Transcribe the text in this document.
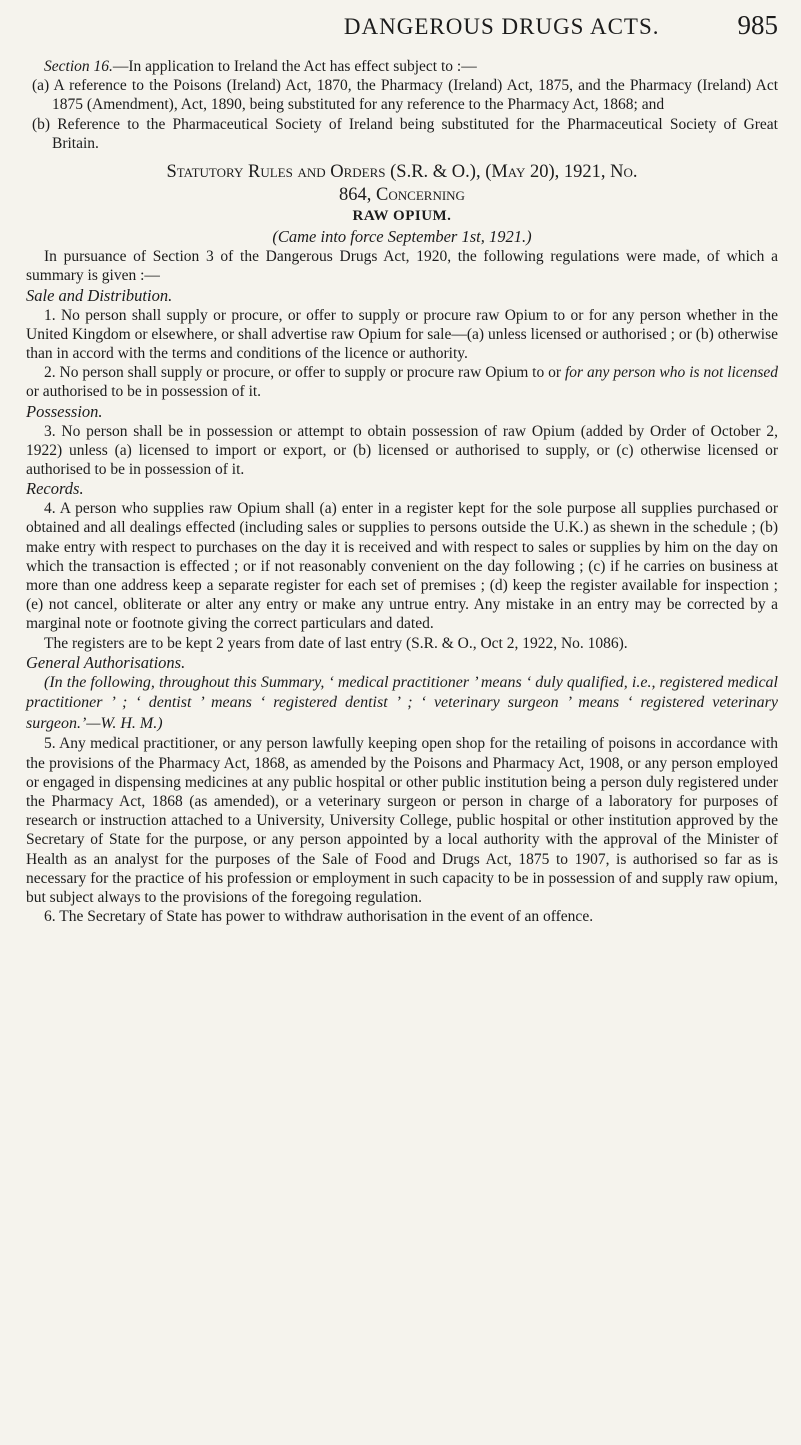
DANGEROUS DRUGS ACTS.	985

Section 16.—In application to Ireland the Act has effect subject to :—

(a) A reference to the Poisons (Ireland) Act, 1870, the Pharmacy (Ireland) Act, 1875, and the Pharmacy (Ireland) Act 1875 (Amendment), Act, 1890, being substituted for any reference to the Pharmacy Act, 1868; and

(b) Reference to the Pharmaceutical Society of Ireland being substituted for the Pharmaceutical Society of Great Britain.

Statutory Rules and Orders (S.R. & O.), (May 20), 1921, No.

864, Concerning

RAW OPIUM.

(Came into force September 1st, 1921.)

In pursuance of Section 3 of the Dangerous Drugs Act, 1920, the following regulations were made, of which a summary is given :—

Sale and Distribution.

1. No person shall supply or procure, or offer to supply or procure raw Opium to or for any person whether in the United Kingdom or elsewhere, or shall advertise raw Opium for sale—(a) unless licensed or authorised ; or (b) otherwise than in accord with the terms and conditions of the licence or authority.

2. No person shall supply or procure, or offer to supply or procure raw Opium to or for any person who is not licensed or authorised to be in possession of it.

Possession.

3. No person shall be in possession or attempt to obtain possession of raw Opium (added by Order of October 2, 1922) unless (a) licensed to import or export, or (b) licensed or authorised to supply, or (c) otherwise licensed or authorised to be in possession of it.

Records.

4. A person who supplies raw Opium shall (a) enter in a register kept for the sole purpose all supplies purchased or obtained and all dealings effected (including sales or supplies to persons outside the U.K.) as shewn in the schedule ; (b) make entry with respect to purchases on the day it is received and with respect to sales or supplies by him on the day on which the transaction is effected ; or if not reasonably convenient on the day following ; (c) if he carries on business at more than one address keep a separate register for each set of premises ; (d) keep the register available for inspection ; (e) not cancel, obliterate or alter any entry or make any untrue entry. Any mistake in an entry may be corrected by a marginal note or footnote giving the correct particulars and dated.

The registers are to be kept 2 years from date of last entry (S.R. & O., Oct 2, 1922, No. 1086).

General Authorisations.

(In the following, throughout this Summary, ‘ medical practitioner ’ means ‘ duly qualified, i.e., registered medical practitioner ’ ; ‘ dentist ’ means ‘ registered dentist ’ ; ‘ veterinary surgeon ’ means ‘ registered veterinary surgeon.’—W. H. M.)

5. Any medical practitioner, or any person lawfully keeping open shop for the retailing of poisons in accordance with the provisions of the Pharmacy Act, 1868, as amended by the Poisons and Pharmacy Act, 1908, or any person employed or engaged in dispensing medicines at any public hospital or other public institution being a person duly registered under the Pharmacy Act, 1868 (as amended), or a veterinary surgeon or person in charge of a laboratory for purposes of research or instruction attached to a University, University College, public hospital or other institution approved by the Secretary of State for the purpose, or any person appointed by a local authority with the approval of the Minister of Health as an analyst for the purposes of the Sale of Food and Drugs Act, 1875 to 1907, is authorised so far as is necessary for the practice of his profession or employment in such capacity to be in possession of and supply raw opium, but subject always to the provisions of the foregoing regulation.

6. The Secretary of State has power to withdraw authorisation in the event of an offence.
